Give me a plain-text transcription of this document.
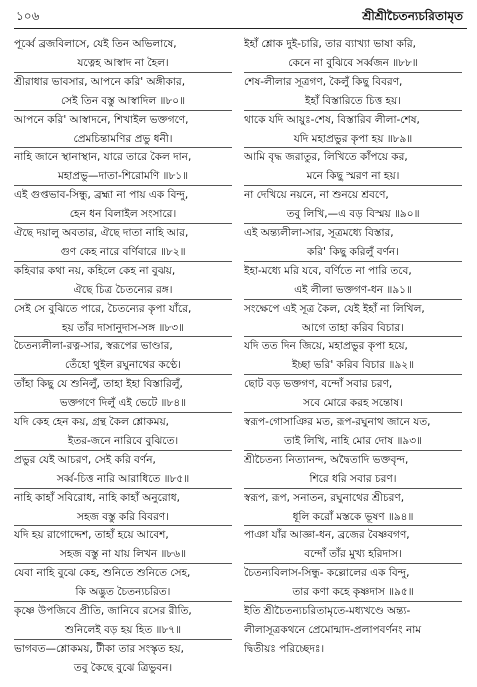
১০৬	শ্রীশ্রীচৈতন্যচরিতামৃত
পূর্ব্বে ব্রজবিলাসে, যেই তিন অভিলাষে,
যত্নেহ আস্বাদ না হৈল।
শ্রীরাধার ভাবসার, আপনে করি' অঙ্গীকার,
সেই তিন বস্তু আস্বাদিল ॥৮০॥
আপনে করি' আস্বাদনে, শিখাইল ভক্তগণে,
প্রেমচিন্তামণির প্রভু ধনী।
নাহি জানে স্থানাস্থান, যারে তারে কৈল দান,
মহাপ্রভু—দাতা-শিরোমণি ॥৮১॥
এই গুপ্তভাব-সিন্ধু, ব্রহ্মা না পায় এক বিন্দু,
হেন ধন বিলাইল সংসারে।
ঐছে দয়ালু অবতার, ঐছে দাতা নাহি আর,
গুণ কেহ নারে বর্ণিবারে ॥৮২॥
কহিবার কথা নয়, কহিলে কেহ না বুঝয়,
ঐছে চিত্র চৈতন্যের রঙ্গ।
সেই সে বুঝিতে পারে, চৈতন্যের কৃপা যাঁরে,
হয় তাঁর দাসানুদাস-সঙ্গ ॥৮৩॥
চৈতন্যলীলা-রত্ন-সার, স্বরূপের ভাণ্ডার,
তেঁহো থুইল রঘুনাথের কণ্ঠে।
তাঁহা কিছু যে শুনিলুঁ, তাহা ইহা বিস্তারিলুঁ,
ভক্তগণে দিলুঁ এই ভেটে ॥৮৪॥
যদি কেহ হেন কয়, গ্রন্থ কৈল শ্লোকময়,
ইতর-জনে নারিবে বুঝিতে।
প্রভুর যেই আচরণ, সেই করি বর্ণন,
সর্ব্ব-চিত্ত নারি আরাধিতে ॥৮৫॥
নাহি কাহাঁ সবিরোধ, নাহি কাহাঁ অনুরোধ,
সহজ বস্তু করি বিবরণ।
যদি হয় রাগোদ্দেশ, তাহাঁ হয়ে আবেশ,
সহজ বস্তু না যায় লিখন ॥৮৬॥
যেবা নাহি বুঝে কেহ, শুনিতে শুনিতে সেহ,
কি অদ্ভুত চৈতন্যচরিত।
কৃষ্ণে উপজিবে প্রীতি, জানিবে রসের রীতি,
শুনিলেই বড় হয় হিত ॥৮৭॥
ভাগবত—শ্লোকময়, টীকা তার সংস্কৃত হয়,
তবু কৈছে বুঝে ত্রিভুবন।
ইহাঁ শ্লোক দুই-চারি, তার ব্যাখ্যা ভাষা করি,
কেনে না বুঝিবে সর্ব্বজন ॥৮৮॥
শেষ-লীলার সূত্রগণ, কৈলুঁ কিছু বিবরণ,
ইহাঁ বিস্তারিতে চিত্ত হয়।
থাকে যদি আয়ুঃ-শেষ, বিস্তারিব লীলা-শেষ,
যদি মহাপ্রভুর কৃপা হয় ॥৮৯॥
আমি বৃদ্ধ জরাতুর, লিখিতে কাঁপয়ে কর,
মনে কিছু স্মরণ না হয়।
না দেখিয়ে নয়নে, না শুনয়ে শ্রবণে,
তবু লিখি,—এ বড় বিস্ময় ॥৯০॥
এই অন্ত্যলীলা-সার, সূত্রমধ্যে বিস্তার,
করি' কিছু করিলুঁ বর্ণন।
ইহা-মধ্যে মরি যবে, বর্ণিতে না পারি তবে,
এই লীলা ভক্তগণ-ধন ॥৯১॥
সংক্ষেপে এই সূত্র কৈল, যেই ইহাঁ না লিখিল,
আগে তাহা করিব বিচার।
যদি তত দিন জিয়ে, মহাপ্রভুর কৃপা হয়ে,
ইচ্ছা ভরি' করিব বিচার ॥৯২॥
ছোট বড় ভক্তগণ, বন্দোঁ সবার চরণ,
সবে মোরে করহ সন্তোষ।
স্বরূপ-গোসাঞির মত, রূপ-রঘুনাথ জানে যত,
তাই লিখি, নাহি মোর দোষ ॥৯৩॥
শ্রীচৈতন্য নিত্যানন্দ, অদ্বৈতাদি ভক্তবৃন্দ,
শিরে ধরি সবার চরণ।
স্বরূপ, রূপ, সনাতন, রঘুনাথের শ্রীচরণ,
ধূলি করোঁ মস্তকে ভূষণ ॥৯৪॥
পাঞা যাঁর আজ্ঞা-ধন, ব্রজের বৈষ্ণবগণ,
বন্দোঁ তাঁর মুখ্য হরিদাস।
চৈতন্যবিলাস-সিন্ধু- কল্লোলের এক বিন্দু,
তার কণা কহে কৃষ্ণদাস ॥৯৫॥
ইতি শ্রীচৈতন্যচরিতামৃতে-মধ্যখণ্ডে অন্ত্য-
লীলাসূত্রকথনে প্রেমোন্মাদ-প্রলাপবর্ণনং নাম
দ্বিতীয়ঃ পরিচ্ছেদঃ।
